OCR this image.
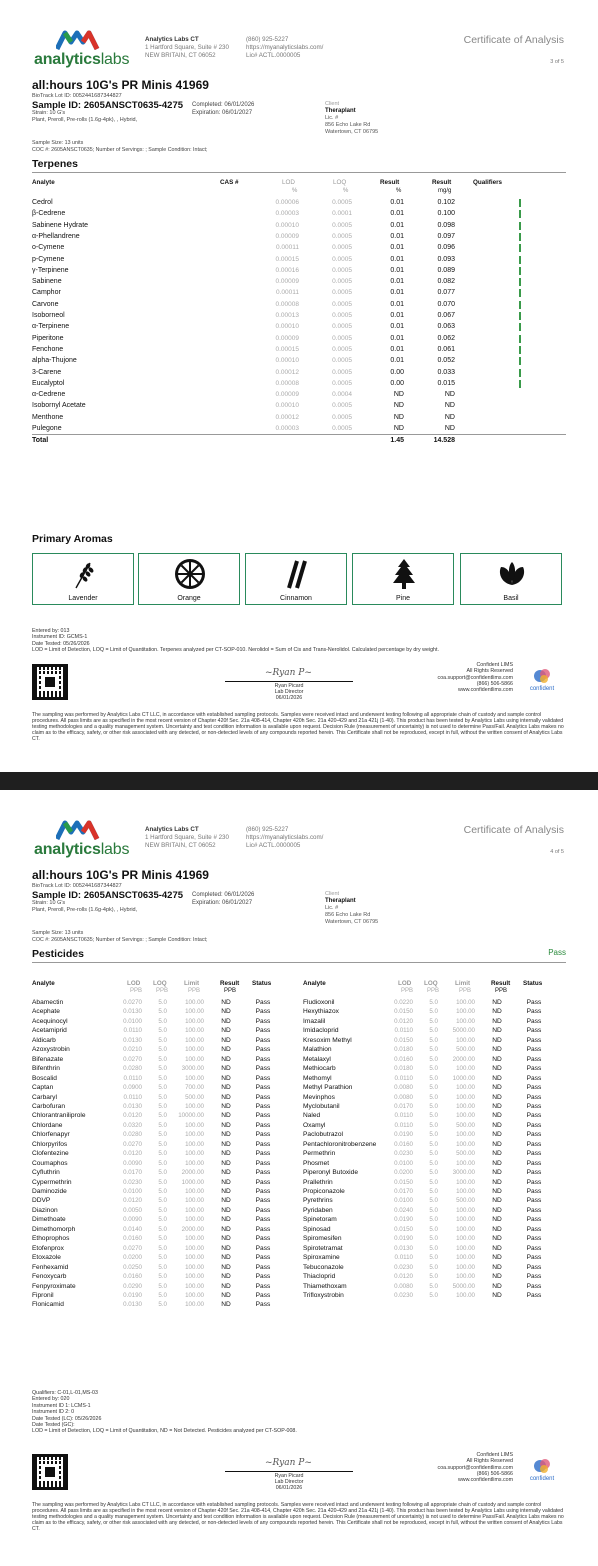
analyticslabs
Analytics Labs CT
1 Hartford Square, Suite # 230
NEW BRITAIN, CT 06052
(860) 925-5227
https://myanalyticslabs.com/
Lic# ACTL.0000005
Certificate of Analysis
3 of 5
all:hours 10G's PR Minis 41969
BioTrack Lot ID: 0052441687344827
Sample ID: 2605ANSCT0635-4275 Completed: 06/01/2026
Expiration: 06/01/2027
Strain: 10 G's
Plant, Preroll, Pre-rolls (1.6g-4pk), , Hybrid,
Client
Theraplant
Lic. #
856 Echo Lake Rd
Watertown, CT 06795
Sample Size: 13 units
COC #: 2605ANSCT0635; Number of Servings: ; Sample Condition: Intact;
Terpenes
Analyte	CAS #	LOD	LOQ	Result	Result	Qualifiers
%	%	%	mg/g
Cedrol	0.00006	0.0005	0.01	0.102
β-Cedrene	0.00003	0.0001	0.01	0.100
Sabinene Hydrate	0.00010	0.0005	0.01	0.098
α-Phellandrene	0.00009	0.0005	0.01	0.097
o-Cymene	0.00011	0.0005	0.01	0.096
p-Cymene	0.00015	0.0005	0.01	0.093
γ-Terpinene	0.00016	0.0005	0.01	0.089
Sabinene	0.00009	0.0005	0.01	0.082
Camphor	0.00011	0.0005	0.01	0.077
Carvone	0.00008	0.0005	0.01	0.070
Isoborneol	0.00013	0.0005	0.01	0.067
α-Terpinene	0.00010	0.0005	0.01	0.063
Piperitone	0.00009	0.0005	0.01	0.062
Fenchone	0.00015	0.0005	0.01	0.061
alpha-Thujone	0.00010	0.0005	0.01	0.052
3-Carene	0.00012	0.0005	0.00	0.033
Eucalyptol	0.00008	0.0005	0.00	0.015
α-Cedrene	0.00009	0.0004	ND	ND
Isobornyl Acetate	0.00010	0.0005	ND	ND
Menthone	0.00012	0.0005	ND	ND
Pulegone	0.00003	0.0005	ND	ND
Total	1.45	14.528
Primary Aromas
Lavender	Orange	Cinnamon	Pine	Basil
Entered by: 013
Instrument ID: GCMS-1
Date Tested: 05/26/2026
LOD = Limit of Detection, LOQ = Limit of Quantitation. Terpenes analyzed per CT-SOP-010. Nerolidol = Sum of Cis and Trans-Nerolidol. Calculated percentage by dry weight.
~Ryan P~
Ryan Picard
Lab Director
06/01/2026
Confident LIMS
All Rights Reserved
coa.support@confidentlims.com
(866) 506-5866
www.confidentlims.com	confident
The sampling was performed by Analytics Labs CT LLC, in accordance with established sampling protocols. Samples were received intact and underwent testing following all appropriate chain of custody and sample control procedures. All pass limits are as specified in the most recent version of Chapter 420f Sec. 21a 408-414, Chapter 420h Sec. 21a 420-429 and 21a 421j (1-40). This product has been tested by Analytics Labs using internally validated testing methodologies and a quality management system. Uncertainty and test condition information is available upon request. Decision Rule (measurement of uncertainty) is not used to determine Pass/Fail. Analytics Labs makes no claim as to the efficacy, safety, or other risk associated with any detected, or non-detected levels of any compounds reported herein. This Certificate shall not be reproduced, except in full, without the written consent of Analytics Labs CT.
analyticslabs
Analytics Labs CT
1 Hartford Square, Suite # 230
NEW BRITAIN, CT 06052
(860) 925-5227
https://myanalyticslabs.com/
Lic# ACTL.0000005
Certificate of Analysis
4 of 5
all:hours 10G's PR Minis 41969
BioTrack Lot ID: 0052441687344827
Sample ID: 2605ANSCT0635-4275 Completed: 06/01/2026
Expiration: 06/01/2027
Strain: 10 G's
Plant, Preroll, Pre-rolls (1.6g-4pk), , Hybrid,
Client
Theraplant
Lic. #
856 Echo Lake Rd
Watertown, CT 06795
Sample Size: 13 units
COC #: 2605ANSCT0635; Number of Servings: ; Sample Condition: Intact;
Pesticides	Pass
Analyte	LOD LOQ	Limit	Result Status
PPB PPB	PPB	PPB
Analyte	LOD LOQ	Limit	Result Status
PPB PPB	PPB	PPB
Abamectin	0.0270	5.0	100.00	ND	Pass
Acephate	0.0130	5.0	100.00	ND	Pass
Acequinocyl	0.0100	5.0	100.00	ND	Pass
Acetamiprid	0.0110	5.0	100.00	ND	Pass
Aldicarb	0.0130	5.0	100.00	ND	Pass
Azoxystrobin	0.0210	5.0	100.00	ND	Pass
Bifenazate	0.0270	5.0	100.00	ND	Pass
Bifenthrin	0.0280	5.0	3000.00	ND	Pass
Boscalid	0.0110	5.0	100.00	ND	Pass
Captan	0.0900	5.0	700.00	ND	Pass
Carbaryl	0.0110	5.0	500.00	ND	Pass
Carbofuran	0.0130	5.0	100.00	ND	Pass
Chlorantraniliprole	0.0120	5.0	10000.00	ND	Pass
Chlordane	0.0320	5.0	100.00	ND	Pass
Chlorfenapyr	0.0280	5.0	100.00	ND	Pass
Chlorpyrifos	0.0270	5.0	100.00	ND	Pass
Clofentezine	0.0120	5.0	100.00	ND	Pass
Coumaphos	0.0090	5.0	100.00	ND	Pass
Cyfluthrin	0.0170	5.0	2000.00	ND	Pass
Cypermethrin	0.0230	5.0	1000.00	ND	Pass
Daminozide	0.0100	5.0	100.00	ND	Pass
DDVP	0.0120	5.0	100.00	ND	Pass
Diazinon	0.0050	5.0	100.00	ND	Pass
Dimethoate	0.0090	5.0	100.00	ND	Pass
Dimethomorph	0.0140	5.0	2000.00	ND	Pass
Ethoprophos	0.0160	5.0	100.00	ND	Pass
Etofenprox	0.0270	5.0	100.00	ND	Pass
Etoxazole	0.0200	5.0	100.00	ND	Pass
Fenhexamid	0.0250	5.0	100.00	ND	Pass
Fenoxycarb	0.0160	5.0	100.00	ND	Pass
Fenpyroximate	0.0290	5.0	100.00	ND	Pass
Fipronil	0.0190	5.0	100.00	ND	Pass
Flonicamid	0.0130	5.0	100.00	ND	Pass
Fludioxonil	0.0220	5.0	100.00	ND	Pass
Hexythiazox	0.0150	5.0	100.00	ND	Pass
Imazalil	0.0120	5.0	100.00	ND	Pass
Imidacloprid	0.0110	5.0	5000.00	ND	Pass
Kresoxim Methyl	0.0150	5.0	100.00	ND	Pass
Malathion	0.0180	5.0	500.00	ND	Pass
Metalaxyl	0.0160	5.0	2000.00	ND	Pass
Methiocarb	0.0180	5.0	100.00	ND	Pass
Methomyl	0.0110	5.0	1000.00	ND	Pass
Methyl Parathion	0.0080	5.0	100.00	ND	Pass
Mevinphos	0.0080	5.0	100.00	ND	Pass
Myclobutanil	0.0170	5.0	100.00	ND	Pass
Naled	0.0110	5.0	100.00	ND	Pass
Oxamyl	0.0110	5.0	500.00	ND	Pass
Paclobutrazol	0.0190	5.0	100.00	ND	Pass
Pentachloronitrobenzene	0.0160	5.0	100.00	ND	Pass
Permethrin	0.0230	5.0	500.00	ND	Pass
Phosmet	0.0100	5.0	100.00	ND	Pass
Piperonyl Butoxide	0.0200	5.0	3000.00	ND	Pass
Prallethrin	0.0150	5.0	100.00	ND	Pass
Propiconazole	0.0170	5.0	100.00	ND	Pass
Pyrethrins	0.0100	5.0	500.00	ND	Pass
Pyridaben	0.0240	5.0	100.00	ND	Pass
Spinetoram	0.0190	5.0	100.00	ND	Pass
Spinosad	0.0150	5.0	100.00	ND	Pass
Spiromesifen	0.0190	5.0	100.00	ND	Pass
Spirotetramat	0.0130	5.0	100.00	ND	Pass
Spiroxamine	0.0110	5.0	100.00	ND	Pass
Tebuconazole	0.0230	5.0	100.00	ND	Pass
Thiacloprid	0.0120	5.0	100.00	ND	Pass
Thiamethoxam	0.0080	5.0	5000.00	ND	Pass
Trifloxystrobin	0.0230	5.0	100.00	ND	Pass
Qualifiers: C-01,L-01,MS-03
Entered by: 020
Instrument ID 1: LCMS-1
Instrument ID 2: 0
Date Tested (LC): 05/26/2026
Date Tested (GC):
LOD = Limit of Detection, LOQ = Limit of Quantitation, ND = Not Detected. Pesticides analyzed per CT-SOP-008.
~Ryan P~
Ryan Picard
Lab Director
06/01/2026
Confident LIMS
All Rights Reserved
coa.support@confidentlims.com
(866) 506-5866
www.confidentlims.com	confident
The sampling was performed by Analytics Labs CT LLC, in accordance with established sampling protocols. Samples were received intact and underwent testing following all appropriate chain of custody and sample control procedures. All pass limits are as specified in the most recent version of Chapter 420f Sec. 21a 408-414, Chapter 420h Sec. 21a 420-429 and 21a 421j (1-40). This product has been tested by Analytics Labs using internally validated testing methodologies and a quality management system. Uncertainty and test condition information is available upon request. Decision Rule (measurement of uncertainty) is not used to determine Pass/Fail. Analytics Labs makes no claim as to the efficacy, safety, or other risk associated with any detected, or non-detected levels of any compounds reported herein. This Certificate shall not be reproduced, except in full, without the written consent of Analytics Labs CT.
